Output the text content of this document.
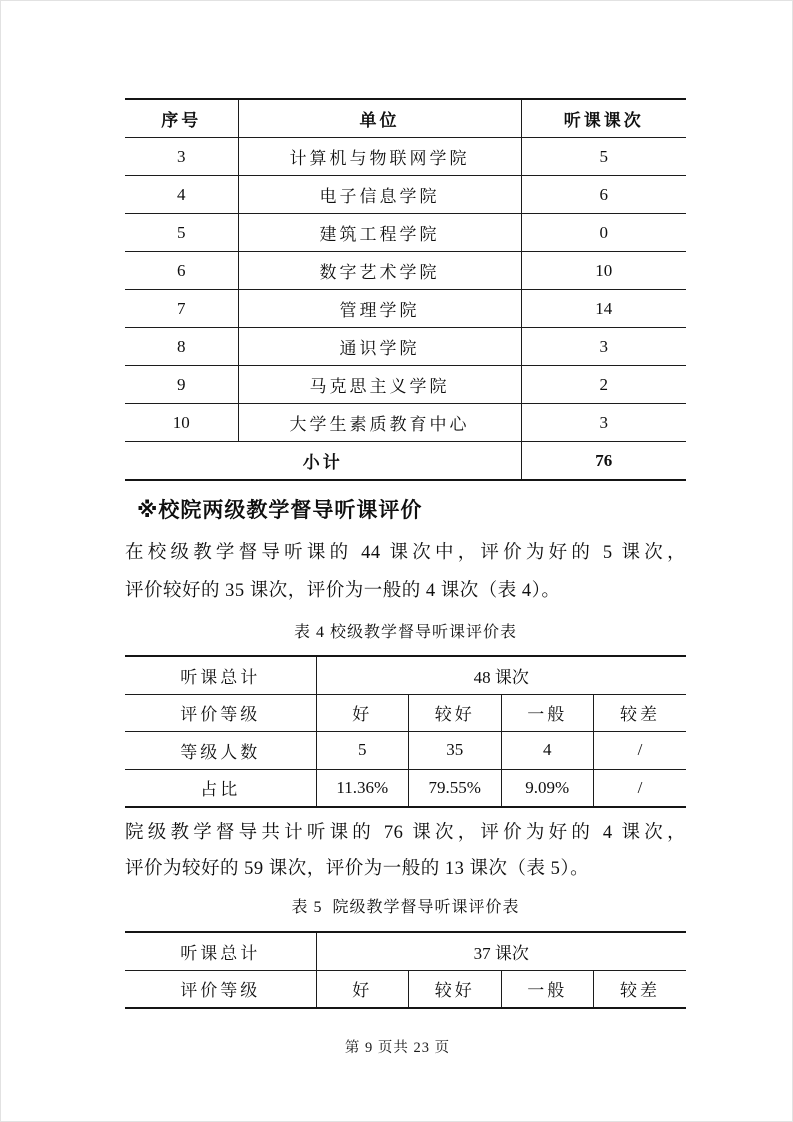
序号	单位	听课课次
3	计算机与物联网学院	5
4	电子信息学院	6
5	建筑工程学院	0
6	数字艺术学院	10
7	管理学院	14
8	通识学院	3
9	马克思主义学院	2
10	大学生素质教育中心	3
小计		76
※校院两级教学督导听课评价
在校级教学督导听课的 44 课次中，评价为好的 5 课次，
评价较好的 35 课次，评价为一般的 4 课次（表 4）。
表 4 校级教学督导听课评价表
听课总计	48 课次			
评价等级	好	较好	一般	较差
等级人数	5	35	4	/
占比	11.36%	79.55%	9.09%	/
院级教学督导共计听课的 76 课次，评价为好的 4 课次，
评价为较好的 59 课次，评价为一般的 13 课次（表 5）。
表 5  院级教学督导听课评价表
听课总计	37 课次			
评价等级	好	较好	一般	较差
第 9 页共 23 页
